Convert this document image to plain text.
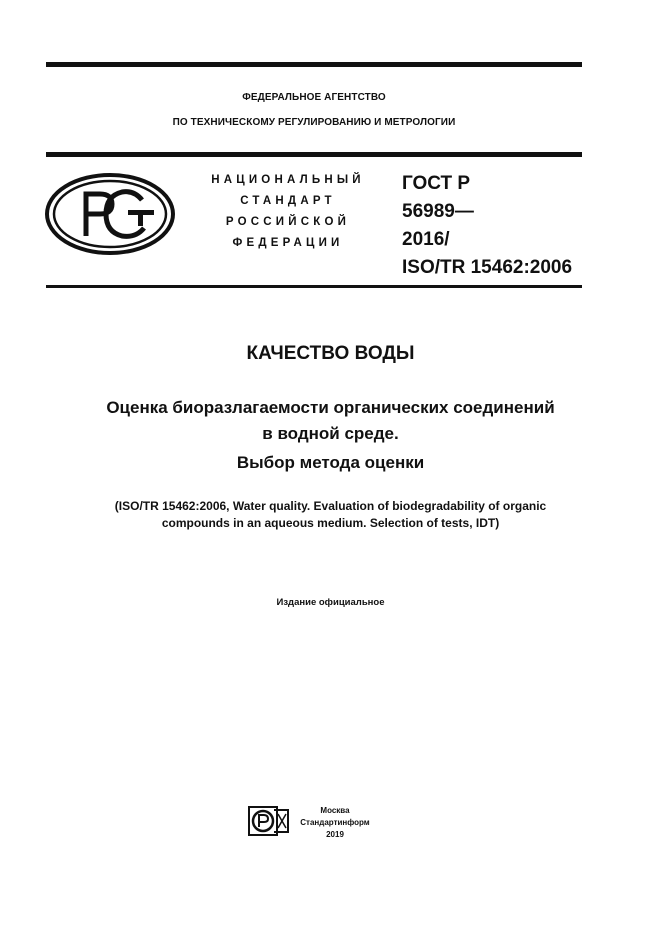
ФЕДЕРАЛЬНОЕ АГЕНТСТВО
ПО ТЕХНИЧЕСКОМУ РЕГУЛИРОВАНИЮ И МЕТРОЛОГИИ
НАЦИОНАЛЬНЫЙ
СТАНДАРТ
РОССИЙСКОЙ
ФЕДЕРАЦИИ
ГОСТ Р
56989—
2016/
ISO/TR 15462:2006
КАЧЕСТВО ВОДЫ
Оценка биоразлагаемости органических соединений
в водной среде.
Выбор метода оценки
(ISO/TR 15462:2006, Water quality. Evaluation of biodegradability of organic
compounds in an aqueous medium. Selection of tests, IDT)
Издание официальное
Москва
Стандартинформ
2019
